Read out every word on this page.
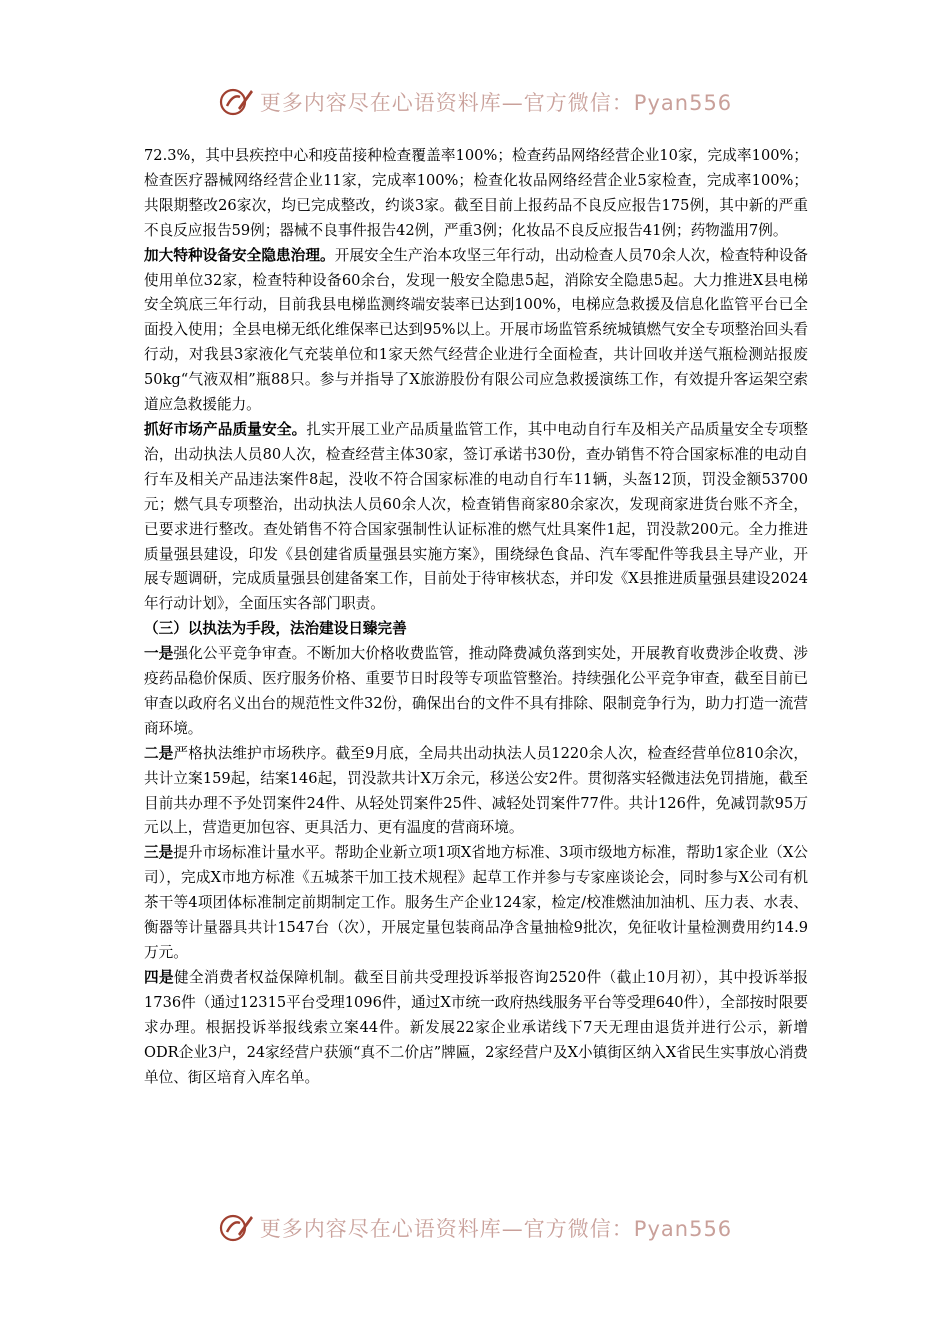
更多内容尽在心语资料库—官方微信：Pyan556

72.3%，其中县疾控中心和疫苗接种检查覆盖率100%；检查药品网络经营企业10家，完成率100%；检查医疗器械网络经营企业11家，完成率100%；检查化妆品网络经营企业5家检查，完成率100%；共限期整改26家次，均已完成整改，约谈3家。截至目前上报药品不良反应报告175例，其中新的严重不良反应报告59例；器械不良事件报告42例，严重3例；化妆品不良反应报告41例；药物滥用7例。

加大特种设备安全隐患治理。开展安全生产治本攻坚三年行动，出动检查人员70余人次，检查特种设备使用单位32家，检查特种设备60余台，发现一般安全隐患5起，消除安全隐患5起。大力推进X县电梯安全筑底三年行动，目前我县电梯监测终端安装率已达到100%，电梯应急救援及信息化监管平台已全面投入使用；全县电梯无纸化维保率已达到95%以上。开展市场监管系统城镇燃气安全专项整治回头看行动，对我县3家液化气充装单位和1家天然气经营企业进行全面检查，共计回收并送气瓶检测站报废50kg“气液双相”瓶88只。参与并指导了X旅游股份有限公司应急救援演练工作，有效提升客运架空索道应急救援能力。

抓好市场产品质量安全。扎实开展工业产品质量监管工作，其中电动自行车及相关产品质量安全专项整治，出动执法人员80人次，检查经营主体30家，签订承诺书30份，查办销售不符合国家标准的电动自行车及相关产品违法案件8起，没收不符合国家标准的电动自行车11辆，头盔12顶，罚没金额53700元；燃气具专项整治，出动执法人员60余人次，检查销售商家80余家次，发现商家进货台账不齐全，已要求进行整改。查处销售不符合国家强制性认证标准的燃气灶具案件1起，罚没款200元。全力推进质量强县建设，印发《县创建省质量强县实施方案》，围绕绿色食品、汽车零配件等我县主导产业，开展专题调研，完成质量强县创建备案工作，目前处于待审核状态，并印发《X县推进质量强县建设2024年行动计划》，全面压实各部门职责。

（三）以执法为手段，法治建设日臻完善

一是强化公平竞争审查。不断加大价格收费监管，推动降费减负落到实处，开展教育收费涉企收费、涉疫药品稳价保质、医疗服务价格、重要节日时段等专项监管整治。持续强化公平竞争审查，截至目前已审查以政府名义出台的规范性文件32份，确保出台的文件不具有排除、限制竞争行为，助力打造一流营商环境。

二是严格执法维护市场秩序。截至9月底，全局共出动执法人员1220余人次，检查经营单位810余次，共计立案159起，结案146起，罚没款共计X万余元，移送公安2件。贯彻落实轻微违法免罚措施，截至目前共办理不予处罚案件24件、从轻处罚案件25件、减轻处罚案件77件。共计126件，免减罚款95万元以上，营造更加包容、更具活力、更有温度的营商环境。

三是提升市场标准计量水平。帮助企业新立项1项X省地方标准、3项市级地方标准，帮助1家企业（X公司），完成X市地方标准《五城茶干加工技术规程》起草工作并参与专家座谈论会，同时参与X公司有机茶干等4项团体标准制定前期制定工作。服务生产企业124家，检定/校准燃油加油机、压力表、水表、衡器等计量器具共计1547台（次），开展定量包装商品净含量抽检9批次，免征收计量检测费用约14.9万元。

四是健全消费者权益保障机制。截至目前共受理投诉举报咨询2520件（截止10月初），其中投诉举报1736件（通过12315平台受理1096件，通过X市统一政府热线服务平台等受理640件），全部按时限要求办理。根据投诉举报线索立案44件。新发展22家企业承诺线下7天无理由退货并进行公示，新增ODR企业3户，24家经营户获颁“真不二价店”牌匾，2家经营户及X小镇街区纳入X省民生实事放心消费单位、街区培育入库名单。

更多内容尽在心语资料库—官方微信：Pyan556
